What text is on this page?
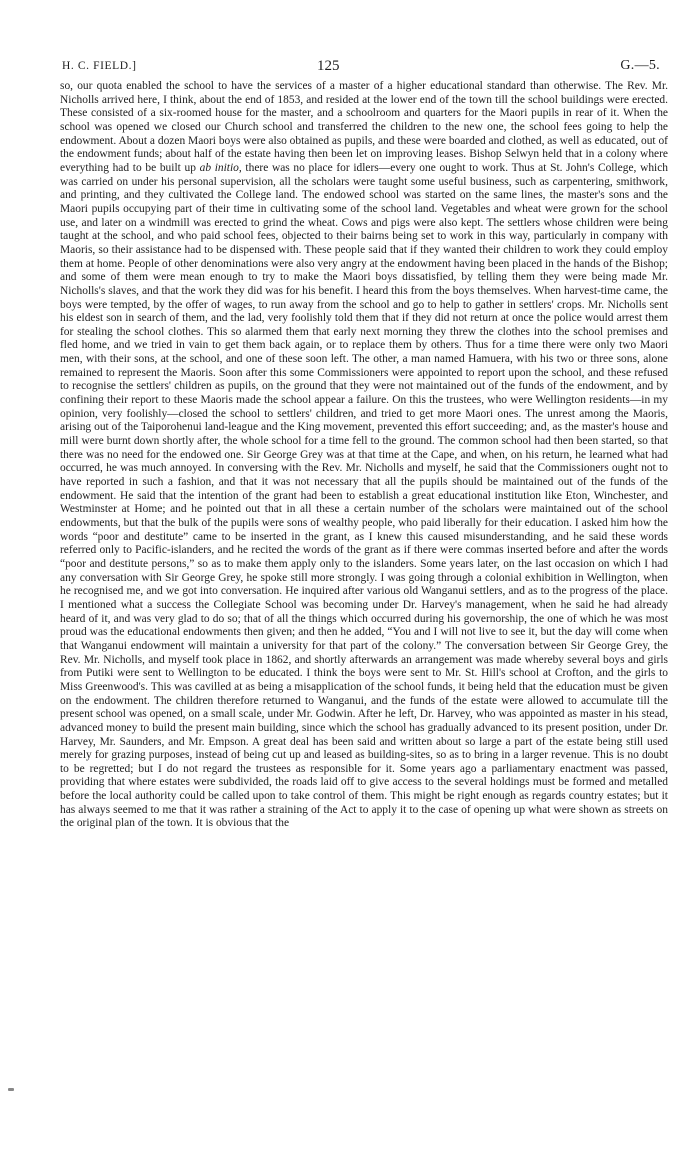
H. C. FIELD.]	125	G.—5.

so, our quota enabled the school to have the services of a master of a higher educational standard than otherwise. The Rev. Mr. Nicholls arrived here, I think, about the end of 1853, and resided at the lower end of the town till the school buildings were erected. These consisted of a six-roomed house for the master, and a schoolroom and quarters for the Maori pupils in rear of it. When the school was opened we closed our Church school and transferred the children to the new one, the school fees going to help the endowment. About a dozen Maori boys were also obtained as pupils, and these were boarded and clothed, as well as educated, out of the endowment funds; about half of the estate having then been let on improving leases. Bishop Selwyn held that in a colony where everything had to be built up ab initio, there was no place for idlers—every one ought to work. Thus at St. John's College, which was carried on under his personal supervision, all the scholars were taught some useful business, such as carpentering, smithwork, and printing, and they cultivated the College land. The endowed school was started on the same lines, the master's sons and the Maori pupils occupying part of their time in cultivating some of the school land. Vegetables and wheat were grown for the school use, and later on a windmill was erected to grind the wheat. Cows and pigs were also kept. The settlers whose children were being taught at the school, and who paid school fees, objected to their bairns being set to work in this way, particularly in company with Maoris, so their assistance had to be dispensed with. These people said that if they wanted their children to work they could employ them at home. People of other denominations were also very angry at the endowment having been placed in the hands of the Bishop; and some of them were mean enough to try to make the Maori boys dissatisfied, by telling them they were being made Mr. Nicholls's slaves, and that the work they did was for his benefit. I heard this from the boys themselves. When harvest-time came, the boys were tempted, by the offer of wages, to run away from the school and go to help to gather in settlers' crops. Mr. Nicholls sent his eldest son in search of them, and the lad, very foolishly told them that if they did not return at once the police would arrest them for stealing the school clothes. This so alarmed them that early next morning they threw the clothes into the school premises and fled home, and we tried in vain to get them back again, or to replace them by others. Thus for a time there were only two Maori men, with their sons, at the school, and one of these soon left. The other, a man named Hamuera, with his two or three sons, alone remained to represent the Maoris. Soon after this some Commissioners were appointed to report upon the school, and these refused to recognise the settlers' children as pupils, on the ground that they were not maintained out of the funds of the endowment, and by confining their report to these Maoris made the school appear a failure. On this the trustees, who were Wellington residents—in my opinion, very foolishly—closed the school to settlers' children, and tried to get more Maori ones. The unrest among the Maoris, arising out of the Taiporohenui land-league and the King movement, prevented this effort succeeding; and, as the master's house and mill were burnt down shortly after, the whole school for a time fell to the ground. The common school had then been started, so that there was no need for the endowed one. Sir George Grey was at that time at the Cape, and when, on his return, he learned what had occurred, he was much annoyed. In conversing with the Rev. Mr. Nicholls and myself, he said that the Commissioners ought not to have reported in such a fashion, and that it was not necessary that all the pupils should be maintained out of the funds of the endowment. He said that the intention of the grant had been to establish a great educational institution like Eton, Winchester, and Westminster at Home; and he pointed out that in all these a certain number of the scholars were maintained out of the school endowments, but that the bulk of the pupils were sons of wealthy people, who paid liberally for their education. I asked him how the words “poor and destitute” came to be inserted in the grant, as I knew this caused misunderstanding, and he said these words referred only to Pacific-islanders, and he recited the words of the grant as if there were commas inserted before and after the words “poor and destitute persons,” so as to make them apply only to the islanders. Some years later, on the last occasion on which I had any conversation with Sir George Grey, he spoke still more strongly. I was going through a colonial exhibition in Wellington, when he recognised me, and we got into conversation. He inquired after various old Wanganui settlers, and as to the progress of the place. I mentioned what a success the Collegiate School was becoming under Dr. Harvey's management, when he said he had already heard of it, and was very glad to do so; that of all the things which occurred during his governorship, the one of which he was most proud was the educational endowments then given; and then he added, “You and I will not live to see it, but the day will come when that Wanganui endowment will maintain a university for that part of the colony.” The conversation between Sir George Grey, the Rev. Mr. Nicholls, and myself took place in 1862, and shortly afterwards an arrangement was made whereby several boys and girls from Putiki were sent to Wellington to be educated. I think the boys were sent to Mr. St. Hill's school at Crofton, and the girls to Miss Greenwood's. This was cavilled at as being a misapplication of the school funds, it being held that the education must be given on the endowment. The children therefore returned to Wanganui, and the funds of the estate were allowed to accumulate till the present school was opened, on a small scale, under Mr. Godwin. After he left, Dr. Harvey, who was appointed as master in his stead, advanced money to build the present main building, since which the school has gradually advanced to its present position, under Dr. Harvey, Mr. Saunders, and Mr. Empson. A great deal has been said and written about so large a part of the estate being still used merely for grazing purposes, instead of being cut up and leased as building-sites, so as to bring in a larger revenue. This is no doubt to be regretted; but I do not regard the trustees as responsible for it. Some years ago a parliamentary enactment was passed, providing that where estates were subdivided, the roads laid off to give access to the several holdings must be formed and metalled before the local authority could be called upon to take control of them. This might be right enough as regards country estates; but it has always seemed to me that it was rather a straining of the Act to apply it to the case of opening up what were shown as streets on the original plan of the town. It is obvious that the
